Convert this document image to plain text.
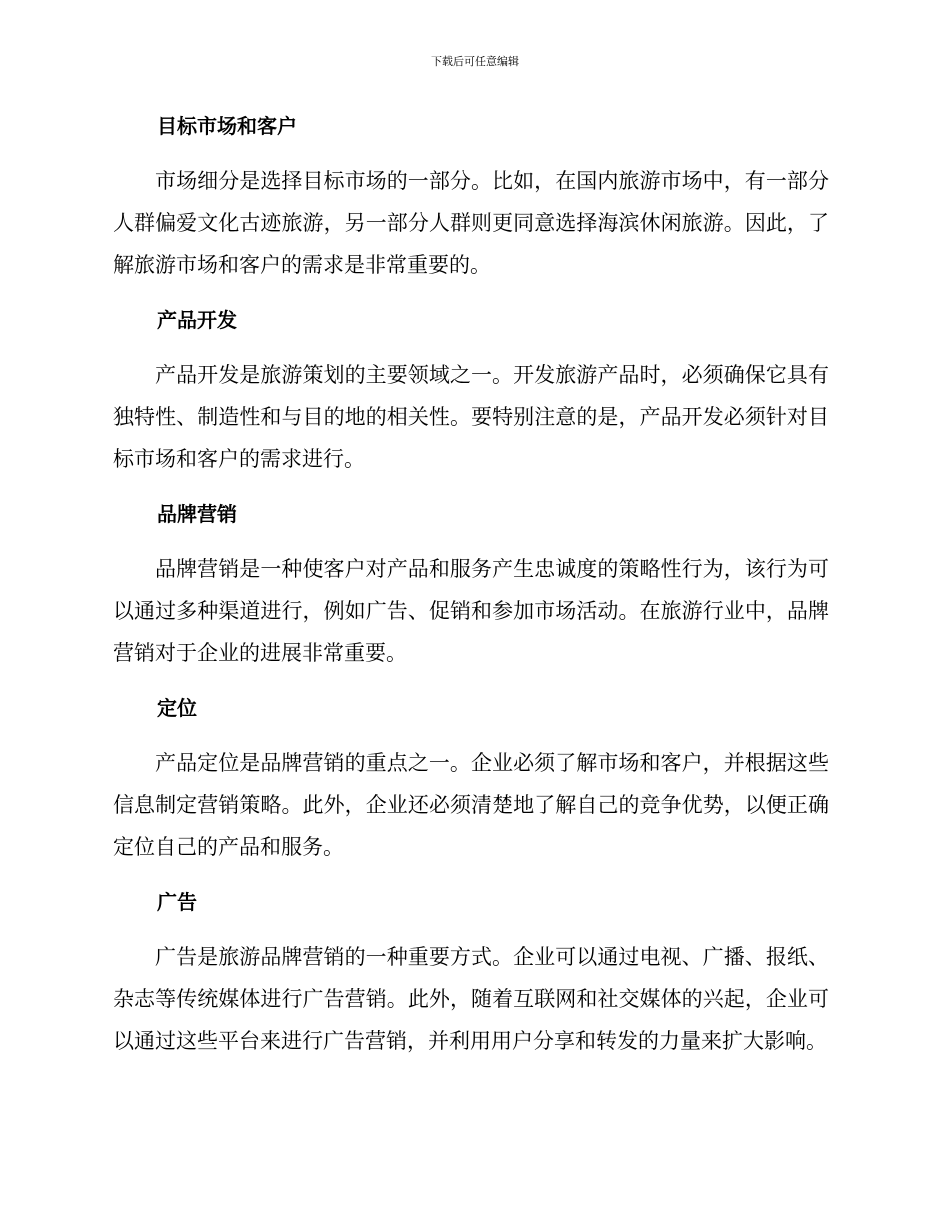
下载后可任意编辑
目标市场和客户

市场细分是选择目标市场的一部分。比如，在国内旅游市场中，有一部分人群偏爱文化古迹旅游，另一部分人群则更同意选择海滨休闲旅游。因此，了解旅游市场和客户的需求是非常重要的。

产品开发

产品开发是旅游策划的主要领域之一。开发旅游产品时，必须确保它具有独特性、制造性和与目的地的相关性。要特别注意的是，产品开发必须针对目标市场和客户的需求进行。

品牌营销

品牌营销是一种使客户对产品和服务产生忠诚度的策略性行为，该行为可以通过多种渠道进行，例如广告、促销和参加市场活动。在旅游行业中，品牌营销对于企业的进展非常重要。

定位

产品定位是品牌营销的重点之一。企业必须了解市场和客户，并根据这些信息制定营销策略。此外，企业还必须清楚地了解自己的竞争优势，以便正确定位自己的产品和服务。

广告

广告是旅游品牌营销的一种重要方式。企业可以通过电视、广播、报纸、杂志等传统媒体进行广告营销。此外，随着互联网和社交媒体的兴起，企业可以通过这些平台来进行广告营销，并利用用户分享和转发的力量来扩大影响。
